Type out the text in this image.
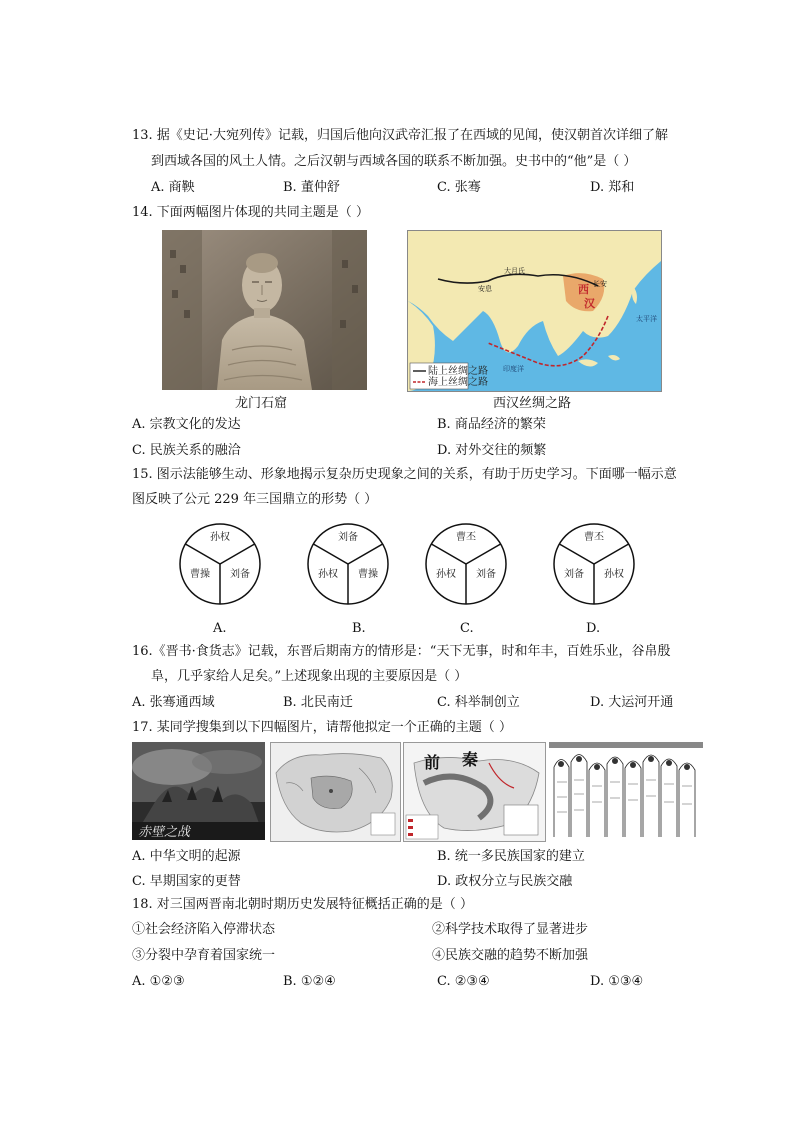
13. 据《史记·大宛列传》记载，归国后他向汉武帝汇报了在西域的见闻，使汉朝首次详细了解
到西域各国的风土人情。之后汉朝与西域各国的联系不断加强。史书中的“他”是（ ）
A. 商鞅	B. 董仲舒	C. 张骞	D. 郑和
14. 下面两幅图片体现的共同主题是（ ）
龙门石窟
陆上丝绸之路
海上丝绸之路
西
汉
长安
安息
大月氏
印度洋
太平洋
西汉丝绸之路
A. 宗教文化的发达	B. 商品经济的繁荣
C. 民族关系的融洽	D. 对外交往的频繁
15. 图示法能够生动、形象地揭示复杂历史现象之间的关系，有助于历史学习。下面哪一幅示意
图反映了公元 229 年三国鼎立的形势（ ）
孙权
曹操 刘备
刘备
孙权 曹操
曹丕
孙权 刘备
曹丕
刘备 孙权
A.	B.	C.	D.
16.《晋书·食货志》记载，东晋后期南方的情形是：“天下无事，时和年丰，百姓乐业，谷帛殷
阜，几乎家给人足矣。”上述现象出现的主要原因是（ ）
A. 张骞通西域	B. 北民南迁	C. 科举制创立	D. 大运河开通
17. 某同学搜集到以下四幅图片，请帮他拟定一个正确的主题（ ）
赤壁之战
前 秦
A. 中华文明的起源	B. 统一多民族国家的建立
C. 早期国家的更替	D. 政权分立与民族交融
18. 对三国两晋南北朝时期历史发展特征概括正确的是（ ）
①社会经济陷入停滞状态	②科学技术取得了显著进步
③分裂中孕育着国家统一	④民族交融的趋势不断加强
A. ①②③	B. ①②④	C. ②③④	D. ①③④
